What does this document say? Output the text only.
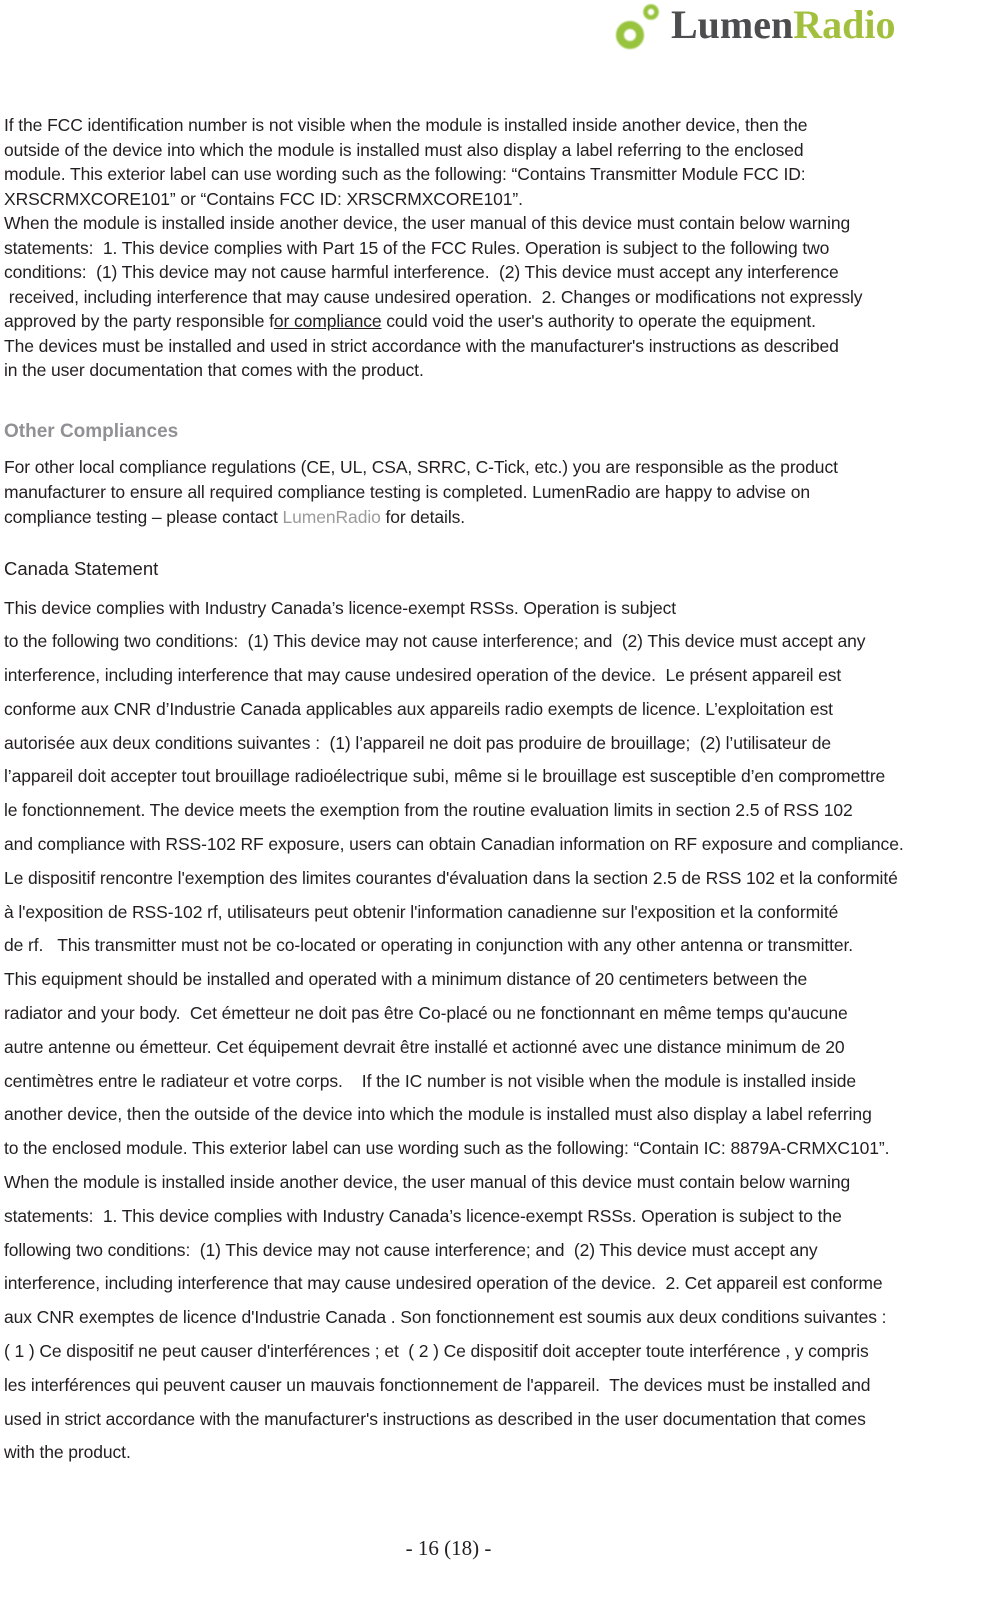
LumenRadio
If the FCC identification number is not visible when the module is installed inside another device, then the
outside of the device into which the module is installed must also display a label referring to the enclosed
module. This exterior label can use wording such as the following: “Contains Transmitter Module FCC ID:
XRSCRMXCORE101” or “Contains FCC ID: XRSCRMXCORE101”.
When the module is installed inside another device, the user manual of this device must contain below warning
statements:  1. This device complies with Part 15 of the FCC Rules. Operation is subject to the following two
conditions:  (1) This device may not cause harmful interference.  (2) This device must accept any interference
received, including interference that may cause undesired operation.  2. Changes or modifications not expressly
approved by the party responsible for compliance could void the user's authority to operate the equipment.
The devices must be installed and used in strict accordance with the manufacturer's instructions as described
in the user documentation that comes with the product.
Other Compliances
For other local compliance regulations (CE, UL, CSA, SRRC, C-Tick, etc.) you are responsible as the product
manufacturer to ensure all required compliance testing is completed. LumenRadio are happy to advise on
compliance testing – please contact LumenRadio for details.
Canada Statement
This device complies with Industry Canada’s licence-exempt RSSs. Operation is subject
to the following two conditions:  (1) This device may not cause interference; and  (2) This device must accept any
interference, including interference that may cause undesired operation of the device.  Le présent appareil est
conforme aux CNR d’Industrie Canada applicables aux appareils radio exempts de licence. L’exploitation est
autorisée aux deux conditions suivantes :  (1) l’appareil ne doit pas produire de brouillage;  (2) l’utilisateur de
l’appareil doit accepter tout brouillage radioélectrique subi, même si le brouillage est susceptible d’en compromettre
le fonctionnement. The device meets the exemption from the routine evaluation limits in section 2.5 of RSS 102
and compliance with RSS-102 RF exposure, users can obtain Canadian information on RF exposure and compliance.
Le dispositif rencontre l'exemption des limites courantes d'évaluation dans la section 2.5 de RSS 102 et la conformité
à l'exposition de RSS-102 rf, utilisateurs peut obtenir l'information canadienne sur l'exposition et la conformité
de rf.   This transmitter must not be co-located or operating in conjunction with any other antenna or transmitter.
This equipment should be installed and operated with a minimum distance of 20 centimeters between the
radiator and your body.  Cet émetteur ne doit pas être Co-placé ou ne fonctionnant en même temps qu'aucune
autre antenne ou émetteur. Cet équipement devrait être installé et actionné avec une distance minimum de 20
centimètres entre le radiateur et votre corps.    If the IC number is not visible when the module is installed inside
another device, then the outside of the device into which the module is installed must also display a label referring
to the enclosed module. This exterior label can use wording such as the following: “Contain IC: 8879A-CRMXC101”.
When the module is installed inside another device, the user manual of this device must contain below warning
statements:  1. This device complies with Industry Canada’s licence-exempt RSSs. Operation is subject to the
following two conditions:  (1) This device may not cause interference; and  (2) This device must accept any
interference, including interference that may cause undesired operation of the device.  2. Cet appareil est conforme
aux CNR exemptes de licence d'Industrie Canada . Son fonctionnement est soumis aux deux conditions suivantes :
( 1 ) Ce dispositif ne peut causer d'interférences ; et  ( 2 ) Ce dispositif doit accepter toute interférence , y compris
les interférences qui peuvent causer un mauvais fonctionnement de l'appareil.  The devices must be installed and
used in strict accordance with the manufacturer's instructions as described in the user documentation that comes
with the product.
- 16 (18) -
